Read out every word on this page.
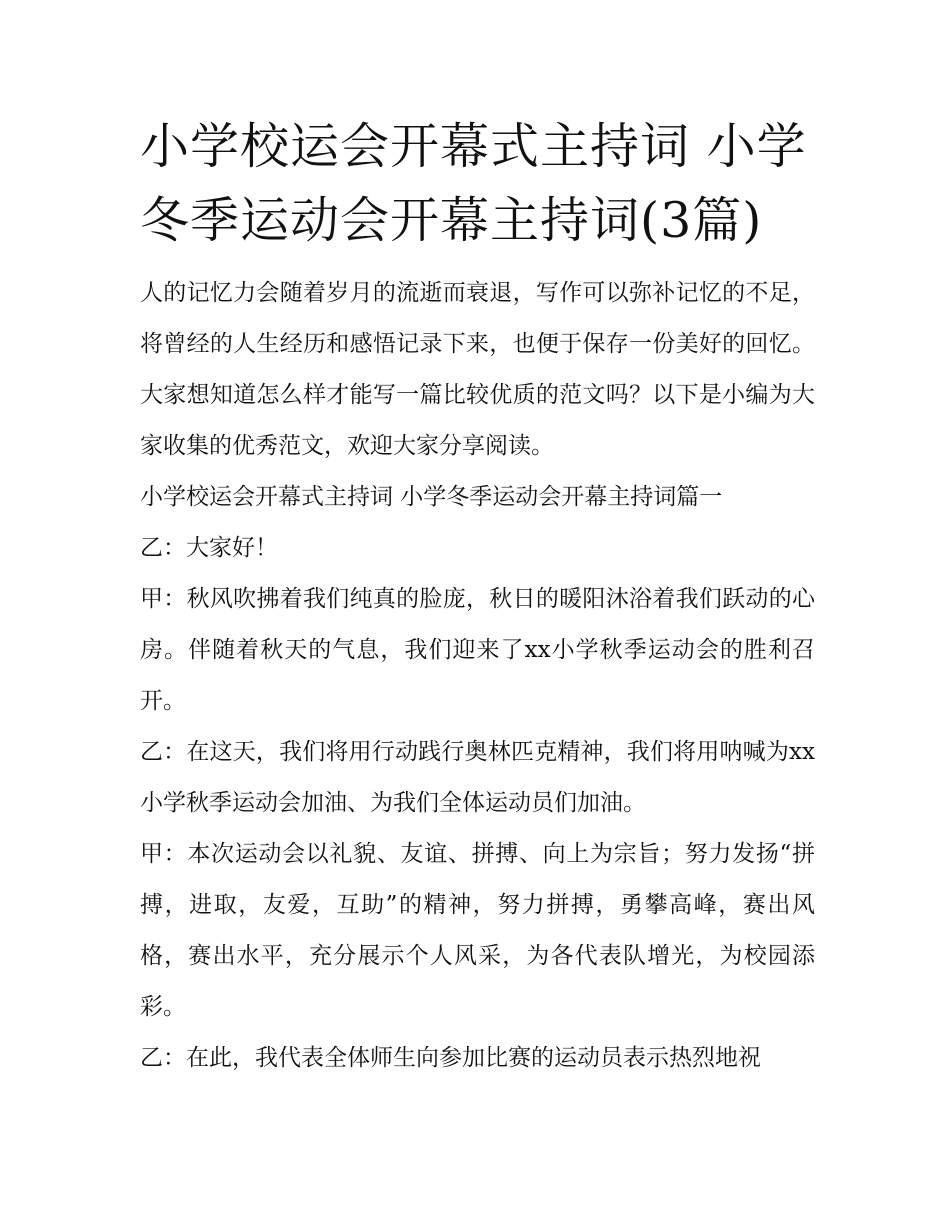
小学校运会开幕式主持词 小学冬季运动会开幕主持词(3篇)

人的记忆力会随着岁月的流逝而衰退，写作可以弥补记忆的不足，将曾经的人生经历和感悟记录下来，也便于保存一份美好的回忆。大家想知道怎么样才能写一篇比较优质的范文吗？以下是小编为大家收集的优秀范文，欢迎大家分享阅读。

小学校运会开幕式主持词 小学冬季运动会开幕主持词篇一

乙：大家好！

甲：秋风吹拂着我们纯真的脸庞，秋日的暖阳沐浴着我们跃动的心房。伴随着秋天的气息，我们迎来了xx小学秋季运动会的胜利召开。

乙：在这天，我们将用行动践行奥林匹克精神，我们将用呐喊为xx小学秋季运动会加油、为我们全体运动员们加油。

甲：本次运动会以礼貌、友谊、拼搏、向上为宗旨；努力发扬“拼搏，进取，友爱，互助”的精神，努力拼搏，勇攀高峰，赛出风格，赛出水平，充分展示个人风采，为各代表队增光，为校园添彩。

乙：在此，我代表全体师生向参加比赛的运动员表示热烈地祝
